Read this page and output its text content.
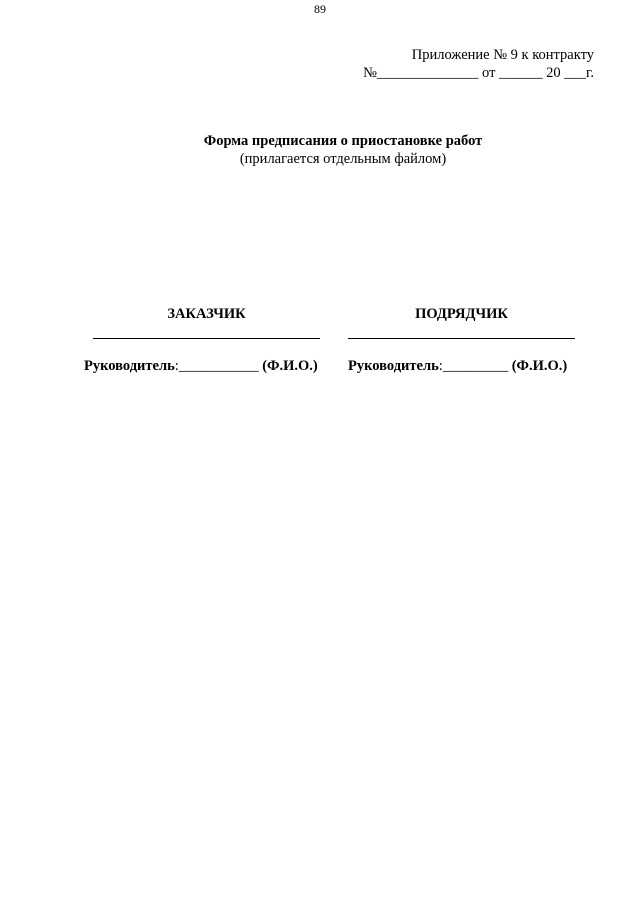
89
Приложение № 9 к контракту
№______________ от ______ 20 ___г.
Форма предписания о приостановке работ
(прилагается отдельным файлом)
ЗАКАЗЧИК	ПОДРЯДЧИК
Руководитель:___________ (Ф.И.О.) Руководитель:_________ (Ф.И.О.)
